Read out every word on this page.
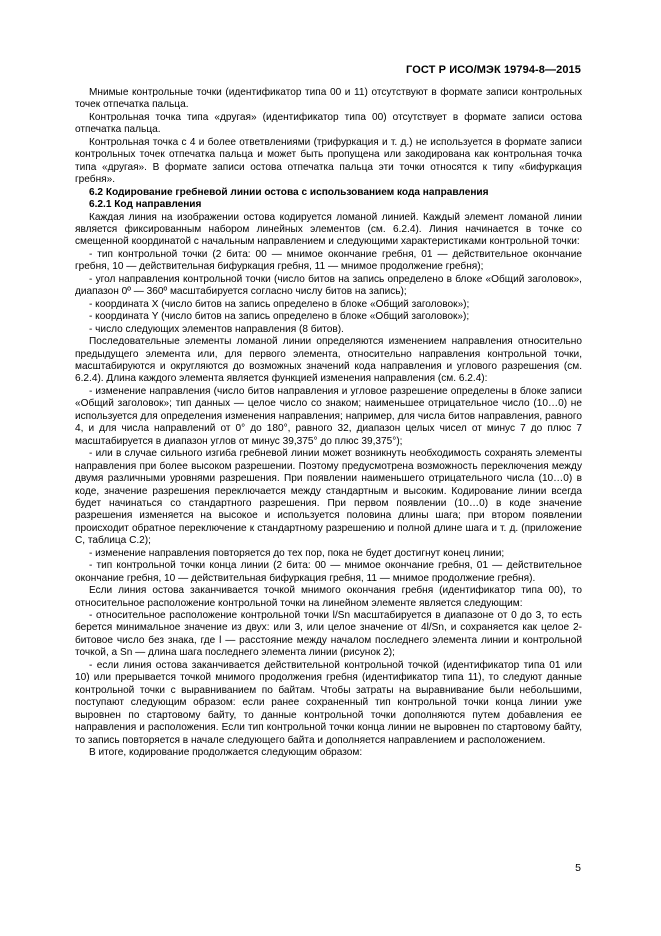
ГОСТ Р ИСО/МЭК 19794-8—2015

Мнимые контрольные точки (идентификатор типа 00 и 11) отсутствуют в формате записи контрольных точек отпечатка пальца.

Контрольная точка типа «другая» (идентификатор типа 00) отсутствует в формате записи остова отпечатка пальца.

Контрольная точка с 4 и более ответвлениями (трифуркация и т. д.) не используется в формате записи контрольных точек отпечатка пальца и может быть пропущена или закодирована как контрольная точка типа «другая». В формате записи остова отпечатка пальца эти точки относятся к типу «бифуркация гребня».

6.2 Кодирование гребневой линии остова с использованием кода направления

6.2.1 Код направления

Каждая линия на изображении остова кодируется ломаной линией. Каждый элемент ломаной линии является фиксированным набором линейных элементов (см. 6.2.4). Линия начинается в точке со смещенной координатой с начальным направлением и следующими характеристиками контрольной точки:

- тип контрольной точки (2 бита: 00 — мнимое окончание гребня, 01 — действительное окончание гребня, 10 — действительная бифуркация гребня, 11 — мнимое продолжение гребня);

- угол направления контрольной точки (число битов на запись определено в блоке «Общий заголовок», диапазон 0º — 360º масштабируется согласно числу битов на запись);

- координата X (число битов на запись определено в блоке «Общий заголовок»);

- координата Y (число битов на запись определено в блоке «Общий заголовок»);

- число следующих элементов направления (8 битов).

Последовательные элементы ломаной линии определяются изменением направления относительно предыдущего элемента или, для первого элемента, относительно направления контрольной точки, масштабируются и округляются до возможных значений кода направления и углового разрешения (см. 6.2.4). Длина каждого элемента является функцией изменения направления (см. 6.2.4):

- изменение направления (число битов направления и угловое разрешение определены в блоке записи «Общий заголовок»; тип данных — целое число со знаком; наименьшее отрицательное число (10…0) не используется для определения изменения направления; например, для числа битов направления, равного 4, и для числа направлений от 0° до 180°, равного 32, диапазон целых чисел от минус 7 до плюс 7 масштабируется в диапазон углов от минус 39,375° до плюс 39,375°);

- или в случае сильного изгиба гребневой линии может возникнуть необходимость сохранять элементы направления при более высоком разрешении. Поэтому предусмотрена возможность переключения между двумя различными уровнями разрешения. При появлении наименьшего отрицательного числа (10…0) в коде, значение разрешения переключается между стандартным и высоким. Кодирование линии всегда будет начинаться со стандартного разрешения. При первом появлении (10…0) в коде значение разрешения изменяется на высокое и используется половина длины шага; при втором появлении происходит обратное переключение к стандартному разрешению и полной длине шага и т. д. (приложение С, таблица С.2);

- изменение направления повторяется до тех пор, пока не будет достигнут конец линии;

- тип контрольной точки конца линии (2 бита: 00 — мнимое окончание гребня, 01 — действительное окончание гребня, 10 — действительная бифуркация гребня, 11 — мнимое продолжение гребня).

Если линия остова заканчивается точкой мнимого окончания гребня (идентификатор типа 00), то относительное расположение контрольной точки на линейном элементе является следующим:

- относительное расположение контрольной точки l/Sn масштабируется в диапазоне от 0 до 3, то есть берется минимальное значение из двух: или 3, или целое значение от 4l/Sn, и сохраняется как целое 2-битовое число без знака, где l — расстояние между началом последнего элемента линии и контрольной точкой, а Sn — длина шага последнего элемента линии (рисунок 2);

- если линия остова заканчивается действительной контрольной точкой (идентификатор типа 01 или 10) или прерывается точкой мнимого продолжения гребня (идентификатор типа 11), то следуют данные контрольной точки с выравниванием по байтам. Чтобы затраты на выравнивание были небольшими, поступают следующим образом: если ранее сохраненный тип контрольной точки конца линии уже выровнен по стартовому байту, то данные контрольной точки дополняются путем добавления ее направления и расположения. Если тип контрольной точки конца линии не выровнен по стартовому байту, то запись повторяется в начале следующего байта и дополняется направлением и расположением.

В итоге, кодирование продолжается следующим образом:

5
